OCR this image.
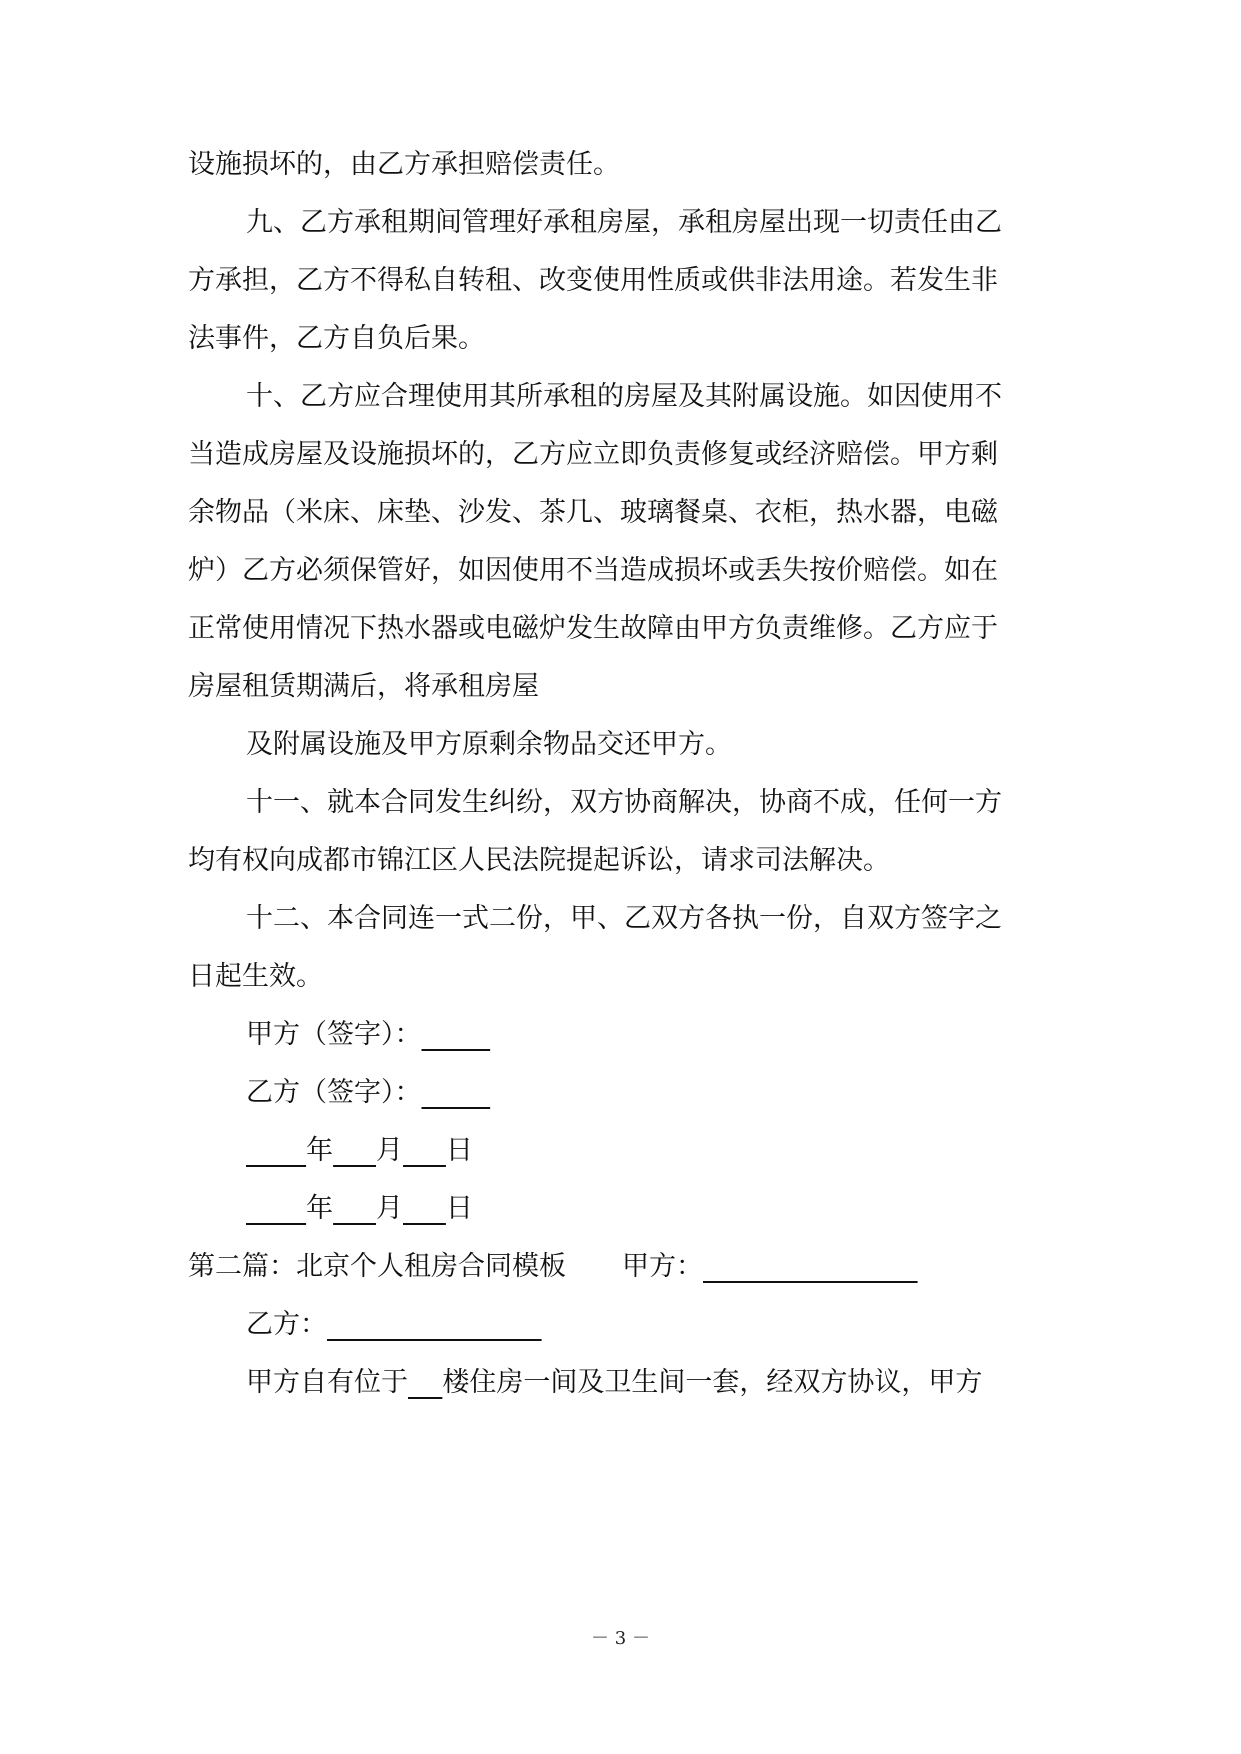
设施损坏的，由乙方承担赔偿责任。
九、乙方承租期间管理好承租房屋，承租房屋出现一切责任由乙
方承担，乙方不得私自转租、改变使用性质或供非法用途。若发生非
法事件，乙方自负后果。
十、乙方应合理使用其所承租的房屋及其附属设施。如因使用不
当造成房屋及设施损坏的，乙方应立即负责修复或经济赔偿。甲方剩
余物品（米床、床垫、沙发、茶几、玻璃餐桌、衣柜，热水器，电磁
炉）乙方必须保管好，如因使用不当造成损坏或丢失按价赔偿。如在
正常使用情况下热水器或电磁炉发生故障由甲方负责维修。乙方应于
房屋租赁期满后，将承租房屋
及附属设施及甲方原剩余物品交还甲方。
十一、就本合同发生纠纷，双方协商解决，协商不成，任何一方
均有权向成都市锦江区人民法院提起诉讼，请求司法解决。
十二、本合同连一式二份，甲、乙双方各执一份，自双方签字之
日起生效。
甲方（签字）：
乙方（签字）：
年 月 日
年 月 日
第二篇：北京个人租房合同模板 甲方：
乙方：
甲方自有位于 楼住房一间及卫生间一套，经双方协议，甲方
－ 3 －
